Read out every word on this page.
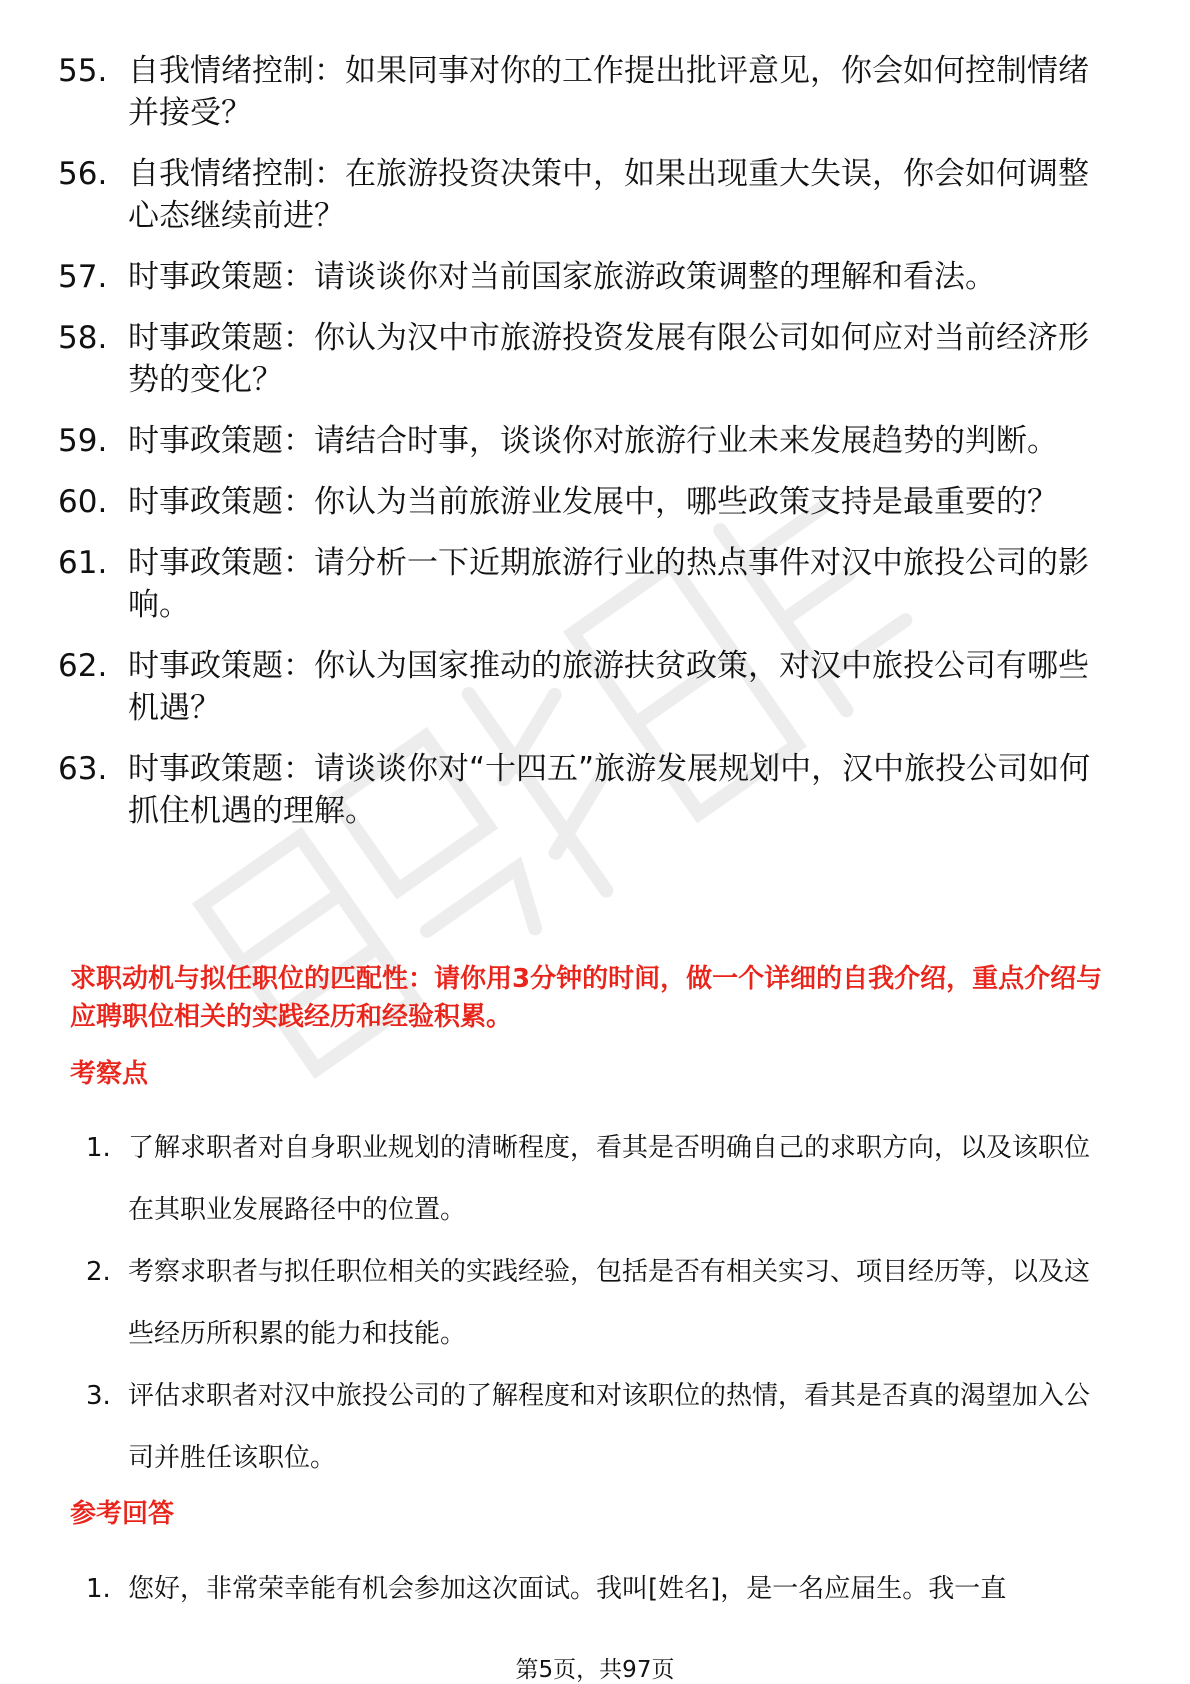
55. 自我情绪控制：如果同事对你的工作提出批评意见，你会如何控制情绪并接受？
56. 自我情绪控制：在旅游投资决策中，如果出现重大失误，你会如何调整心态继续前进？
57. 时事政策题：请谈谈你对当前国家旅游政策调整的理解和看法。
58. 时事政策题：你认为汉中市旅游投资发展有限公司如何应对当前经济形势的变化？
59. 时事政策题：请结合时事，谈谈你对旅游行业未来发展趋势的判断。
60. 时事政策题：你认为当前旅游业发展中，哪些政策支持是最重要的？
61. 时事政策题：请分析一下近期旅游行业的热点事件对汉中旅投公司的影响。
62. 时事政策题：你认为国家推动的旅游扶贫政策，对汉中旅投公司有哪些机遇？
63. 时事政策题：请谈谈你对“十四五”旅游发展规划中，汉中旅投公司如何抓住机遇的理解。
求职动机与拟任职位的匹配性：请你用3分钟的时间，做一个详细的自我介绍，重点介绍与应聘职位相关的实践经历和经验积累。
考察点
1. 了解求职者对自身职业规划的清晰程度，看其是否明确自己的求职方向，以及该职位在其职业发展路径中的位置。
2. 考察求职者与拟任职位相关的实践经验，包括是否有相关实习、项目经历等，以及这些经历所积累的能力和技能。
3. 评估求职者对汉中旅投公司的了解程度和对该职位的热情，看其是否真的渴望加入公司并胜任该职位。
参考回答
1. 您好，非常荣幸能有机会参加这次面试。我叫[姓名]，是一名应届生。我一直
第5页，共97页
